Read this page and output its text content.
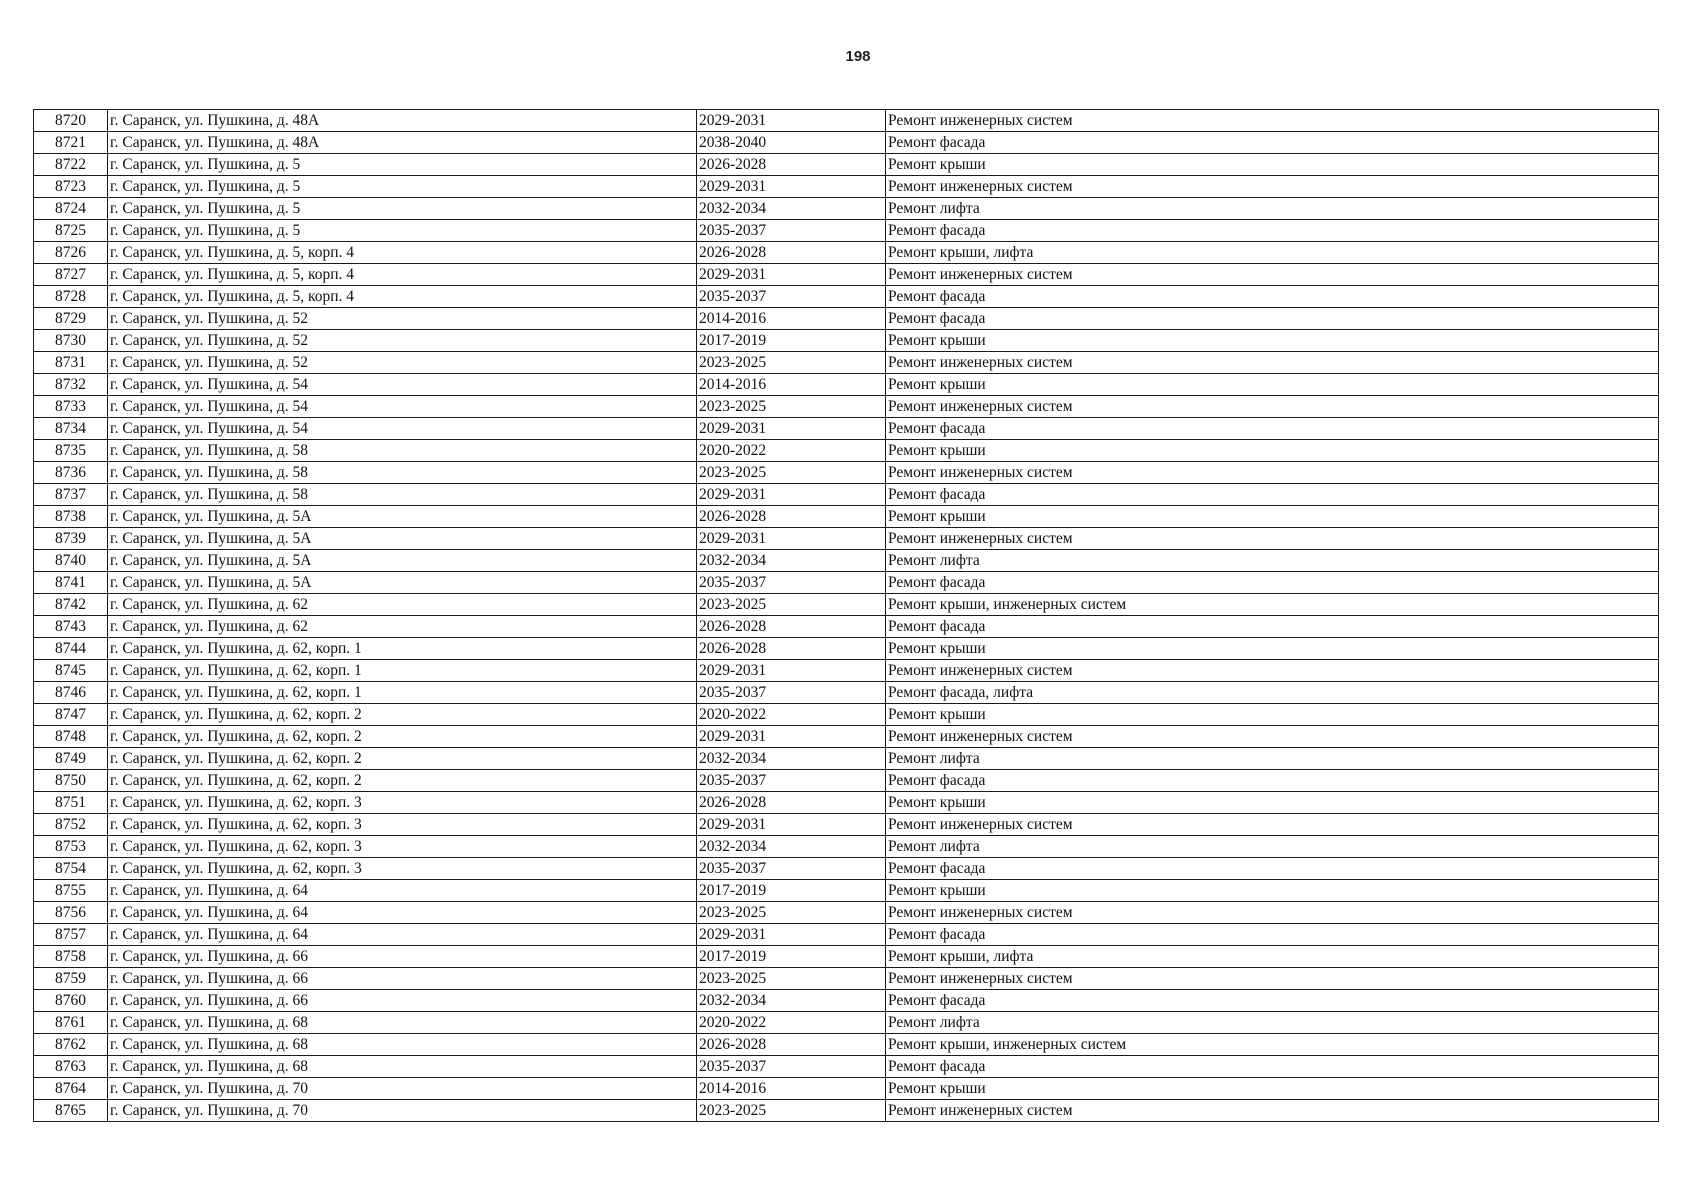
198
8720	г. Саранск, ул. Пушкина, д. 48А	2029-2031	Ремонт инженерных систем
8721	г. Саранск, ул. Пушкина, д. 48А	2038-2040	Ремонт фасада
8722	г. Саранск, ул. Пушкина, д. 5	2026-2028	Ремонт крыши
8723	г. Саранск, ул. Пушкина, д. 5	2029-2031	Ремонт инженерных систем
8724	г. Саранск, ул. Пушкина, д. 5	2032-2034	Ремонт лифта
8725	г. Саранск, ул. Пушкина, д. 5	2035-2037	Ремонт фасада
8726	г. Саранск, ул. Пушкина, д. 5, корп. 4	2026-2028	Ремонт крыши, лифта
8727	г. Саранск, ул. Пушкина, д. 5, корп. 4	2029-2031	Ремонт инженерных систем
8728	г. Саранск, ул. Пушкина, д. 5, корп. 4	2035-2037	Ремонт фасада
8729	г. Саранск, ул. Пушкина, д. 52	2014-2016	Ремонт фасада
8730	г. Саранск, ул. Пушкина, д. 52	2017-2019	Ремонт крыши
8731	г. Саранск, ул. Пушкина, д. 52	2023-2025	Ремонт инженерных систем
8732	г. Саранск, ул. Пушкина, д. 54	2014-2016	Ремонт крыши
8733	г. Саранск, ул. Пушкина, д. 54	2023-2025	Ремонт инженерных систем
8734	г. Саранск, ул. Пушкина, д. 54	2029-2031	Ремонт фасада
8735	г. Саранск, ул. Пушкина, д. 58	2020-2022	Ремонт крыши
8736	г. Саранск, ул. Пушкина, д. 58	2023-2025	Ремонт инженерных систем
8737	г. Саранск, ул. Пушкина, д. 58	2029-2031	Ремонт фасада
8738	г. Саранск, ул. Пушкина, д. 5А	2026-2028	Ремонт крыши
8739	г. Саранск, ул. Пушкина, д. 5А	2029-2031	Ремонт инженерных систем
8740	г. Саранск, ул. Пушкина, д. 5А	2032-2034	Ремонт лифта
8741	г. Саранск, ул. Пушкина, д. 5А	2035-2037	Ремонт фасада
8742	г. Саранск, ул. Пушкина, д. 62	2023-2025	Ремонт крыши, инженерных систем
8743	г. Саранск, ул. Пушкина, д. 62	2026-2028	Ремонт фасада
8744	г. Саранск, ул. Пушкина, д. 62, корп. 1	2026-2028	Ремонт крыши
8745	г. Саранск, ул. Пушкина, д. 62, корп. 1	2029-2031	Ремонт инженерных систем
8746	г. Саранск, ул. Пушкина, д. 62, корп. 1	2035-2037	Ремонт фасада, лифта
8747	г. Саранск, ул. Пушкина, д. 62, корп. 2	2020-2022	Ремонт крыши
8748	г. Саранск, ул. Пушкина, д. 62, корп. 2	2029-2031	Ремонт инженерных систем
8749	г. Саранск, ул. Пушкина, д. 62, корп. 2	2032-2034	Ремонт лифта
8750	г. Саранск, ул. Пушкина, д. 62, корп. 2	2035-2037	Ремонт фасада
8751	г. Саранск, ул. Пушкина, д. 62, корп. 3	2026-2028	Ремонт крыши
8752	г. Саранск, ул. Пушкина, д. 62, корп. 3	2029-2031	Ремонт инженерных систем
8753	г. Саранск, ул. Пушкина, д. 62, корп. 3	2032-2034	Ремонт лифта
8754	г. Саранск, ул. Пушкина, д. 62, корп. 3	2035-2037	Ремонт фасада
8755	г. Саранск, ул. Пушкина, д. 64	2017-2019	Ремонт крыши
8756	г. Саранск, ул. Пушкина, д. 64	2023-2025	Ремонт инженерных систем
8757	г. Саранск, ул. Пушкина, д. 64	2029-2031	Ремонт фасада
8758	г. Саранск, ул. Пушкина, д. 66	2017-2019	Ремонт крыши, лифта
8759	г. Саранск, ул. Пушкина, д. 66	2023-2025	Ремонт инженерных систем
8760	г. Саранск, ул. Пушкина, д. 66	2032-2034	Ремонт фасада
8761	г. Саранск, ул. Пушкина, д. 68	2020-2022	Ремонт лифта
8762	г. Саранск, ул. Пушкина, д. 68	2026-2028	Ремонт крыши, инженерных систем
8763	г. Саранск, ул. Пушкина, д. 68	2035-2037	Ремонт фасада
8764	г. Саранск, ул. Пушкина, д. 70	2014-2016	Ремонт крыши
8765	г. Саранск, ул. Пушкина, д. 70	2023-2025	Ремонт инженерных систем
